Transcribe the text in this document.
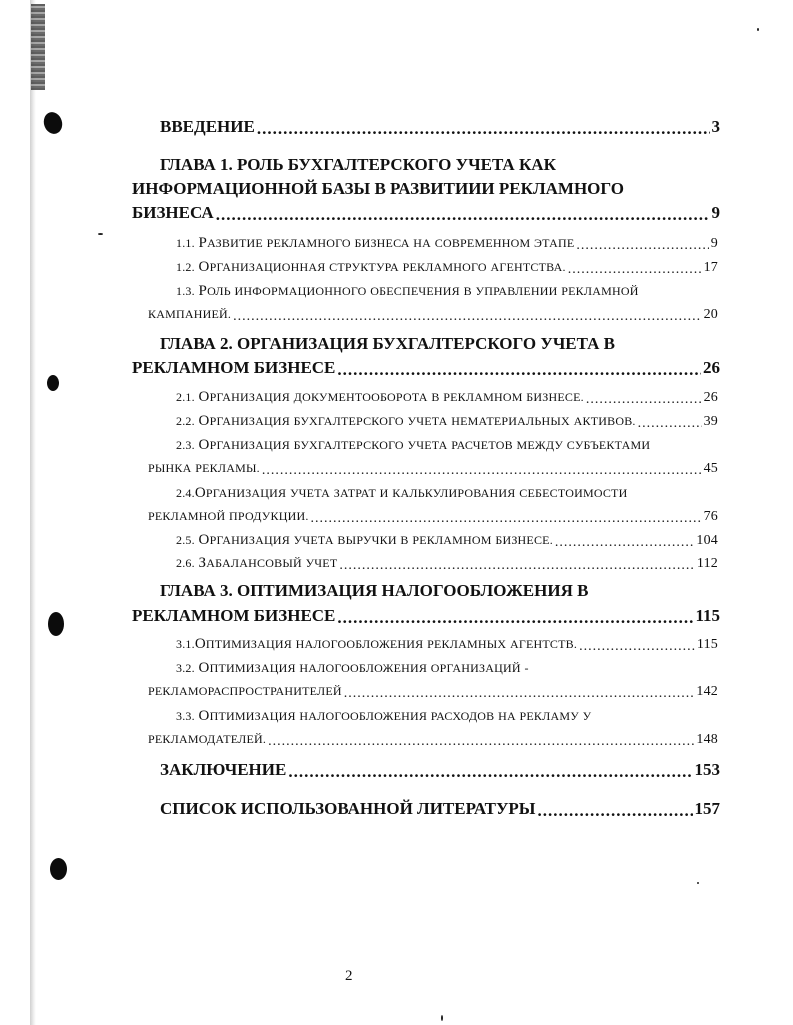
ВВЕДЕНИЕ .....	3
ГЛАВА 1. РОЛЬ БУХГАЛТЕРСКОГО УЧЕТА КАК
ИНФОРМАЦИОННОЙ БАЗЫ В РАЗВИТИИИ РЕКЛАМНОГО
БИЗНЕСА .....	9
1.1. РАЗВИТИЕ РЕКЛАМНОГО БИЗНЕСА НА СОВРЕМЕННОМ ЭТАПЕ .....	9
1.2. ОРГАНИЗАЦИОННАЯ СТРУКТУРА РЕКЛАМНОГО АГЕНТСТВА. .....	17
1.3. РОЛЬ ИНФОРМАЦИОННОГО ОБЕСПЕЧЕНИЯ В УПРАВЛЕНИИ РЕКЛАМНОЙ
КАМПАНИЕЙ. .....	20
ГЛАВА 2. ОРГАНИЗАЦИЯ БУХГАЛТЕРСКОГО УЧЕТА В
РЕКЛАМНОМ БИЗНЕСЕ .....	26
2.1. ОРГАНИЗАЦИЯ ДОКУМЕНТООБОРОТА В РЕКЛАМНОМ БИЗНЕСЕ. .....	26
2.2. ОРГАНИЗАЦИЯ БУХГАЛТЕРСКОГО УЧЕТА НЕМАТЕРИАЛЬНЫХ АКТИВОВ. .....	39
2.3. ОРГАНИЗАЦИЯ БУХГАЛТЕРСКОГО УЧЕТА РАСЧЕТОВ МЕЖДУ СУБЪЕКТАМИ
РЫНКА РЕКЛАМЫ. .....	45
2.4.ОРГАНИЗАЦИЯ УЧЕТА ЗАТРАТ И КАЛЬКУЛИРОВАНИЯ СЕБЕСТОИМОСТИ
РЕКЛАМНОЙ ПРОДУКЦИИ. .....	76
2.5. ОРГАНИЗАЦИЯ УЧЕТА ВЫРУЧКИ В РЕКЛАМНОМ БИЗНЕСЕ. .....	104
2.6. ЗАБАЛАНСОВЫЙ УЧЕТ .....	112
ГЛАВА 3. ОПТИМИЗАЦИЯ НАЛОГООБЛОЖЕНИЯ В
РЕКЛАМНОМ БИЗНЕСЕ .....	115
3.1.ОПТИМИЗАЦИЯ НАЛОГООБЛОЖЕНИЯ РЕКЛАМНЫХ АГЕНТСТВ. .....	115
3.2. ОПТИМИЗАЦИЯ НАЛОГООБЛОЖЕНИЯ ОРГАНИЗАЦИЙ -
РЕКЛАМОРАСПРОСТРАНИТЕЛЕЙ .....	142
3.3. ОПТИМИЗАЦИЯ НАЛОГООБЛОЖЕНИЯ РАСХОДОВ НА РЕКЛАМУ У
РЕКЛАМОДАТЕЛЕЙ. .....	148
ЗАКЛЮЧЕНИЕ .....	153
СПИСОК ИСПОЛЬЗОВАННОЙ ЛИТЕРАТУРЫ .....	157
2
